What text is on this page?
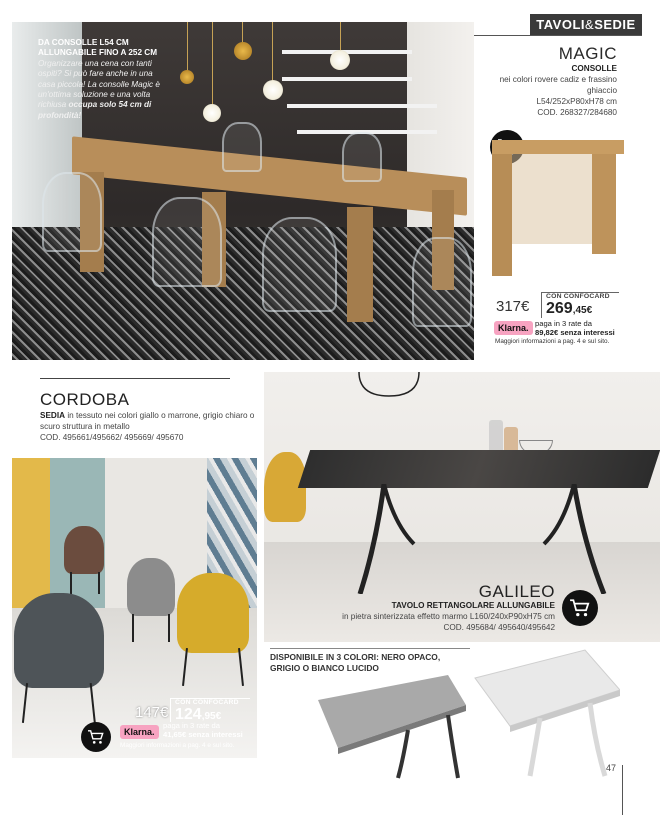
TAVOLI & SEDIE
DA CONSOLLE L54 CM
ALLUNGABILE FINO A 252 CM
Organizzare una cena con tanti ospiti? Si può fare anche in una casa piccola! La consolle Magic è un'ottima soluzione e una volta richiusa occupa solo 54 cm di profondità!
MAGIC
CONSOLLE
nei colori rovere cadiz e frassino ghiaccio
L54/252xP80xH78 cm
COD. 268327/284680
317€
CON CONFOCARD
269,45€
Klarna. paga in 3 rate da
89,82€ senza interessi
Maggiori informazioni a pag. 4 e sul sito.
CORDOBA
SEDIA in tessuto nei colori giallo o marrone, grigio chiaro o scuro struttura in metallo
COD. 495661/495662/ 495669/ 495670
147€
CON CONFOCARD
124,95€
Klarna.
paga in 3 rate da
41,65€ senza interessi
Maggiori informazioni a pag. 4 e sul sito.
GALILEO
TAVOLO RETTANGOLARE ALLUNGABILE
in pietra sinterizzata effetto marmo L160/240xP90xH75 cm
COD. 495684/ 495640/495642
DISPONIBILE IN 3 COLORI: NERO OPACO,
GRIGIO O BIANCO LUCIDO
47
